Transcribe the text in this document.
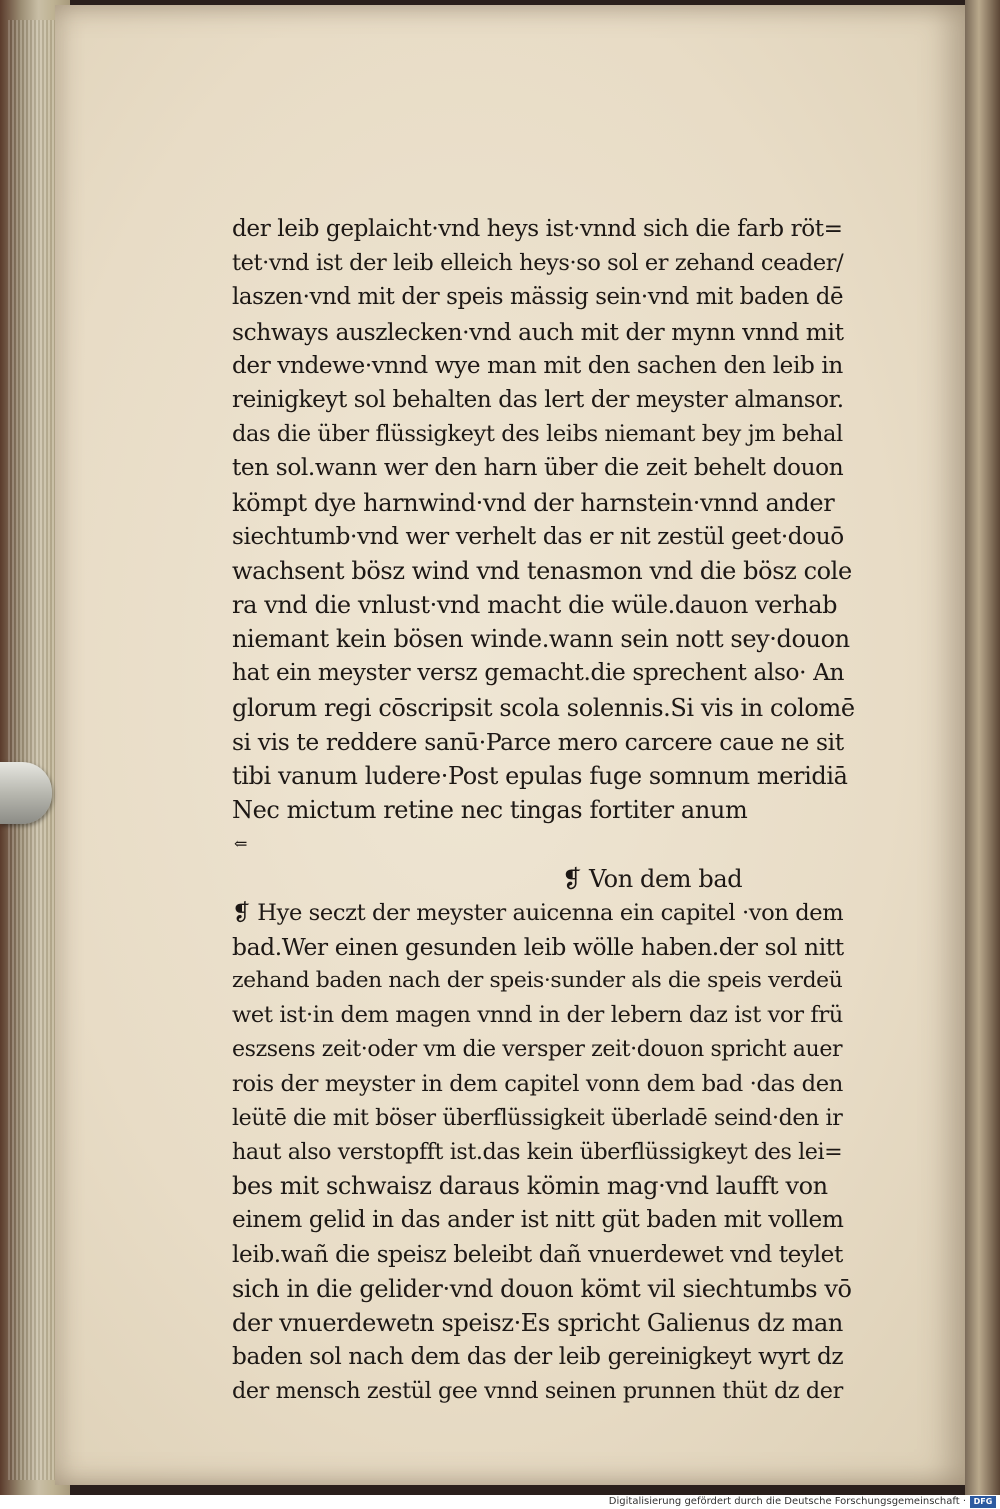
der leib geplaicht·vnd heys ist·vnnd sich die farb röt=
tet·vnd ist der leib elleich heys·so sol er zehand ceader/
laszen·vnd mit der speis mässig sein·vnd mit baden dē
schways auszlecken·vnd auch mit der mynn vnnd mit
der vndewe·vnnd wye man mit den sachen den leib in
reinigkeyt sol behalten das lert der meyster almansor.
das die über flüssigkeyt des leibs niemant bey jm behal
ten sol.wann wer den harn über die zeit behelt douon
kömpt dye harnwind·vnd der harnstein·vnnd ander
siechtumb·vnd wer verhelt das er nit zestül geet·douō
wachsent bösz wind vnd tenasmon vnd die bösz cole
ra vnd die vnlust·vnd macht die wüle.dauon verhab
niemant kein bösen winde.wann sein nott sey·douon
hat ein meyster versz gemacht.die sprechent also· An
glorum regi cōscripsit scola solennis.Si vis in colomē
si vis te reddere sanū·Parce mero carcere caue ne sit
tibi vanum ludere·Post epulas fuge somnum meridiā
Nec mictum retine nec tingas fortiter anum
⇐
❡ Von dem bad
❡ Hye seczt der meyster auicenna ein capitel ·von dem
bad.Wer einen gesunden leib wölle haben.der sol nitt
zehand baden nach der speis·sunder als die speis verdeü
wet ist·in dem magen vnnd in der lebern daz ist vor frü
eszsens zeit·oder vm die versper zeit·douon spricht auer
rois der meyster in dem capitel vonn dem bad ·das den
leütē die mit böser überflüssigkeit überladē seind·den ir
haut also verstopfft ist.das kein überflüssigkeyt des lei=
bes mit schwaisz daraus kömin mag·vnd laufft von
einem gelid in das ander ist nitt güt baden mit vollem
leib.wañ die speisz beleibt dañ vnuerdewet vnd teylet
sich in die gelider·vnd douon kömt vil siechtumbs vō
der vnuerdewetn speisz·Es spricht Galienus dz man
baden sol nach dem das der leib gereinigkeyt wyrt dz
der mensch zestül gee vnnd seinen prunnen thüt dz der
Digitalisierung gefördert durch die Deutsche Forschungsgemeinschaft · DFG
